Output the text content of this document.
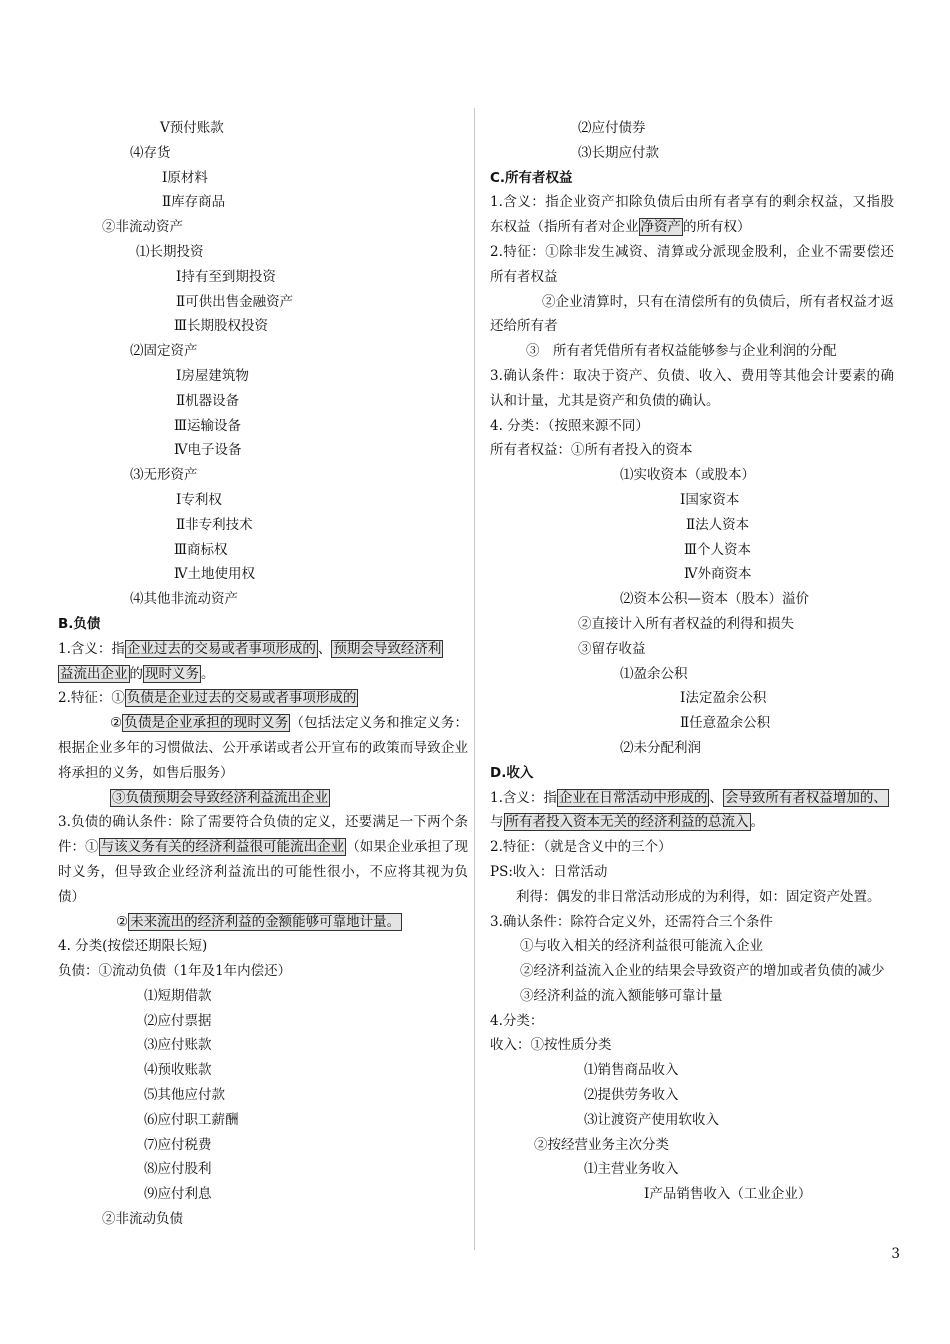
Ⅴ预付账款
⑷存货
Ⅰ原材料
Ⅱ库存商品
②非流动资产
⑴长期投资
Ⅰ持有至到期投资
Ⅱ可供出售金融资产
Ⅲ长期股权投资
⑵固定资产
Ⅰ房屋建筑物
Ⅱ机器设备
Ⅲ运输设备
Ⅳ电子设备
⑶无形资产
Ⅰ专利权
Ⅱ非专利技术
Ⅲ商标权
Ⅳ土地使用权
⑷其他非流动资产
B.负债
1.含义：指 企业过去的交易或者事项形成的 、 预期会导致经济利
益流出企业 的 现时义务 。
2.特征：① 负债是企业过去的交易或者事项形成的
② 负债是企业承担的现时义务 （包括法定义务和推定义务：根据企业多年的习惯做法、公开承诺或者公开宣布的政策而导致企业将承担的义务，如售后服务）
③负债预期会导致经济利益流出企业
3.负债的确认条件：除了需要符合负债的定义，还要满足一下两个条件：① 与该义务有关的经济利益很可能流出企业 （如果企业承担了现时义务，但导致企业经济利益流出的可能性很小，不应将其视为负债）
② 未来流出的经济利益的金额能够可靠地计量。
4. 分类(按偿还期限长短)
负债：①流动负债（1年及1年内偿还）
⑴短期借款
⑵应付票据
⑶应付账款
⑷预收账款
⑸其他应付款
⑹应付职工薪酬
⑺应付税费
⑻应付股利
⑼应付利息
②非流动负债
⑵应付债券
⑶长期应付款
C.所有者权益
1.含义：指企业资产扣除负债后由所有者享有的剩余权益，又指股东权益（指所有者对企业 净资产 的所有权）
2.特征：①除非发生减资、清算或分派现金股利，企业不需要偿还所有者权益
②企业清算时，只有在清偿所有的负债后，所有者权益才返还给所有者
③　所有者凭借所有者权益能够参与企业利润的分配
3.确认条件：取决于资产、负债、收入、费用等其他会计要素的确认和计量，尤其是资产和负债的确认。
4. 分类：（按照来源不同）
所有者权益：①所有者投入的资本
⑴实收资本（或股本）
Ⅰ国家资本
Ⅱ法人资本
Ⅲ个人资本
Ⅳ外商资本
⑵资本公积—资本（股本）溢价
②直接计入所有者权益的利得和损失
③留存收益
⑴盈余公积
Ⅰ法定盈余公积
Ⅱ任意盈余公积
⑵未分配利润
D.收入
1.含义：指 企业在日常活动中形成的 、 会导致所有者权益增加的、
与 所有者投入资本无关的经济利益的总流入 。
2.特征：（就是含义中的三个）
PS:收入：日常活动
利得：偶发的非日常活动形成的为利得，如：固定资产处置。
3.确认条件：除符合定义外，还需符合三个条件
①与收入相关的经济利益很可能流入企业
②经济利益流入企业的结果会导致资产的增加或者负债的减少
③经济利益的流入额能够可靠计量
4.分类：
收入：①按性质分类
⑴销售商品收入
⑵提供劳务收入
⑶让渡资产使用软收入
②按经营业务主次分类
⑴主营业务收入
Ⅰ产品销售收入（工业企业）
3
